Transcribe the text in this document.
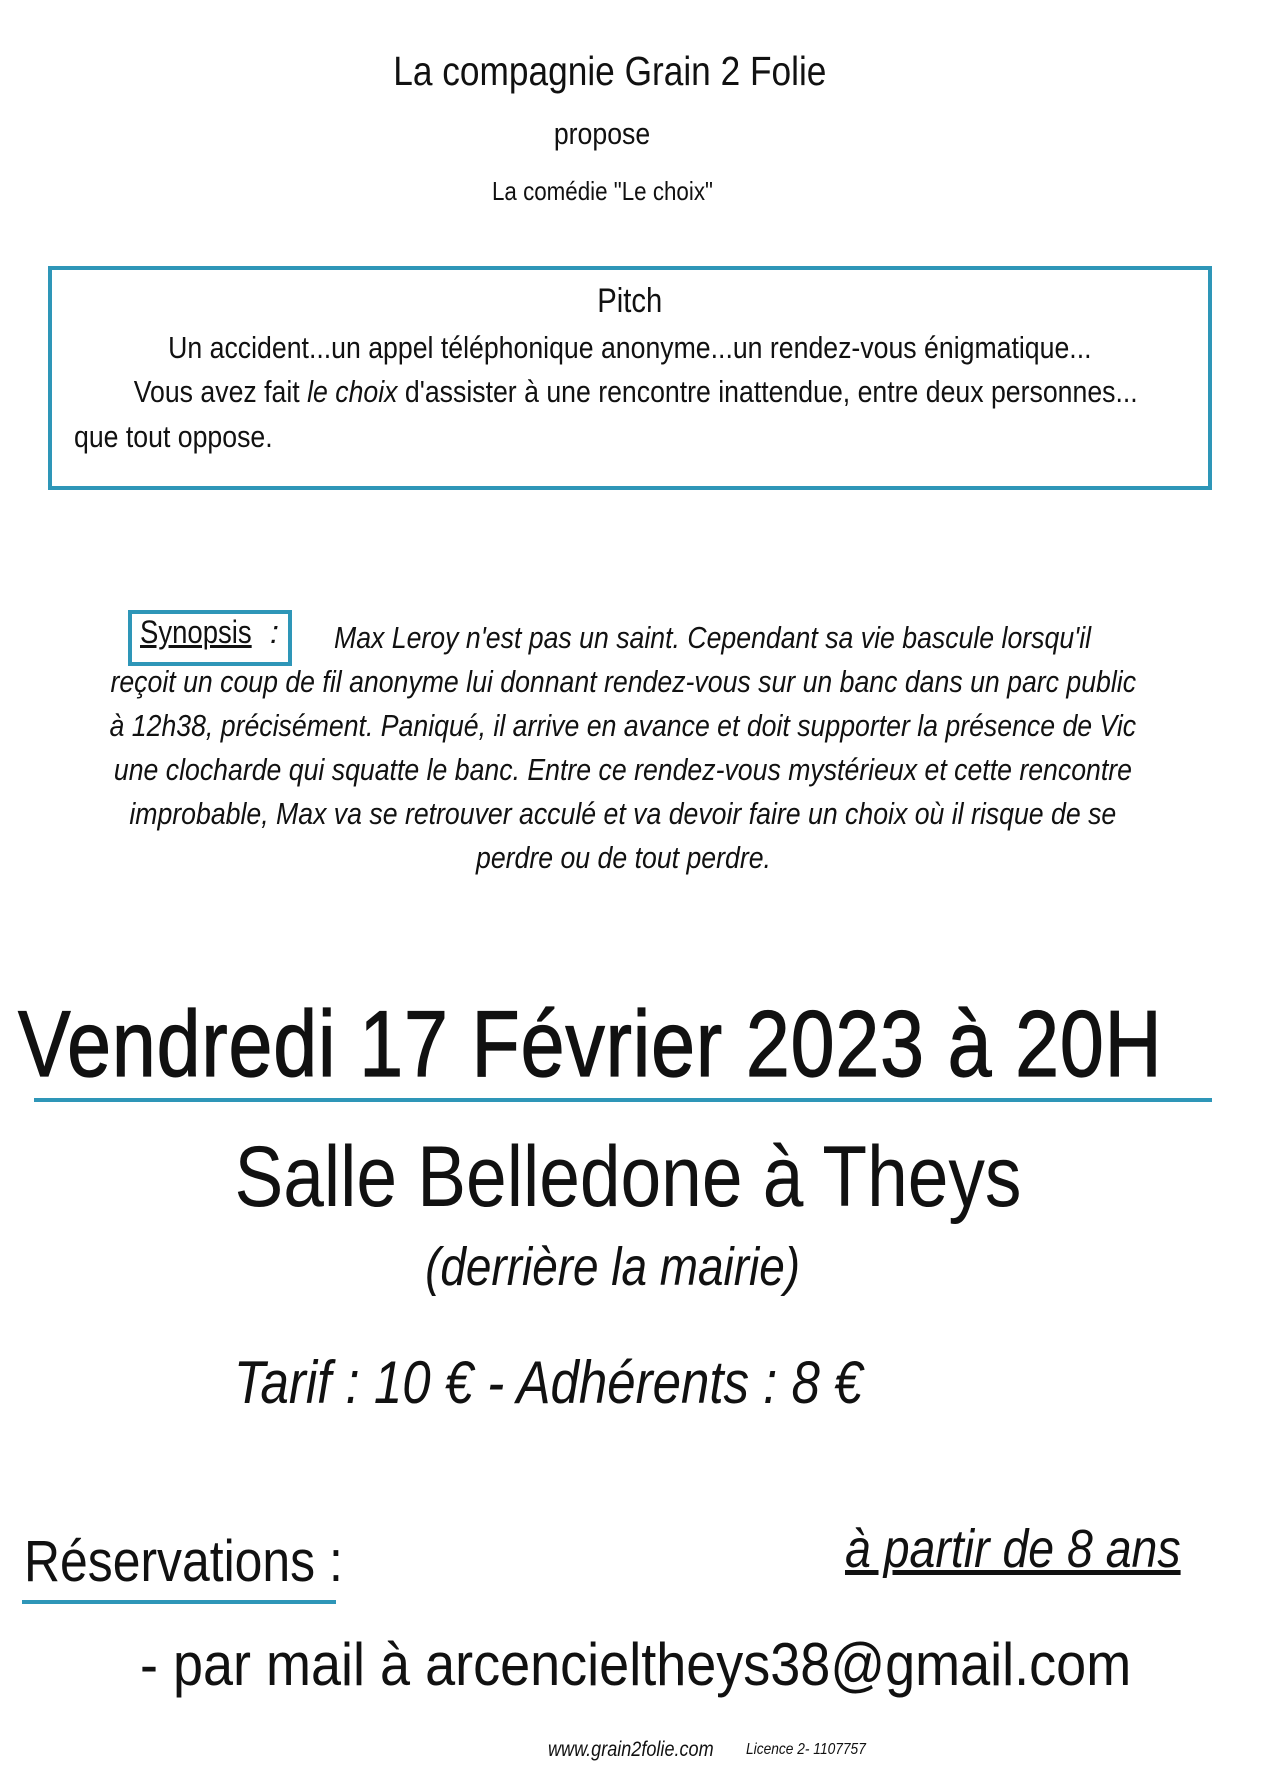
La compagnie Grain 2 Folie
propose
La comédie "Le choix"
Pitch
Un accident...un appel téléphonique anonyme...un rendez-vous énigmatique...
Vous avez fait le choix d'assister à une rencontre inattendue, entre deux personnes...
que tout oppose.
Synopsis : Max Leroy n'est pas un saint. Cependant sa vie bascule lorsqu'il
reçoit un coup de fil anonyme lui donnant rendez-vous sur un banc dans un parc public
à 12h38, précisément. Paniqué, il arrive en avance et doit supporter la présence de Vic
une clocharde qui squatte le banc. Entre ce rendez-vous mystérieux et cette rencontre
improbable, Max va se retrouver acculé et va devoir faire un choix où il risque de se
perdre ou de tout perdre.
Vendredi 17 Février 2023 à 20H
Salle Belledone à Theys
(derrière la mairie)
Tarif : 10 € - Adhérents : 8 €
Réservations :	à partir de 8 ans
- par mail à arcencieltheys38@gmail.com
www.grain2folie.com Licence 2- 1107757
